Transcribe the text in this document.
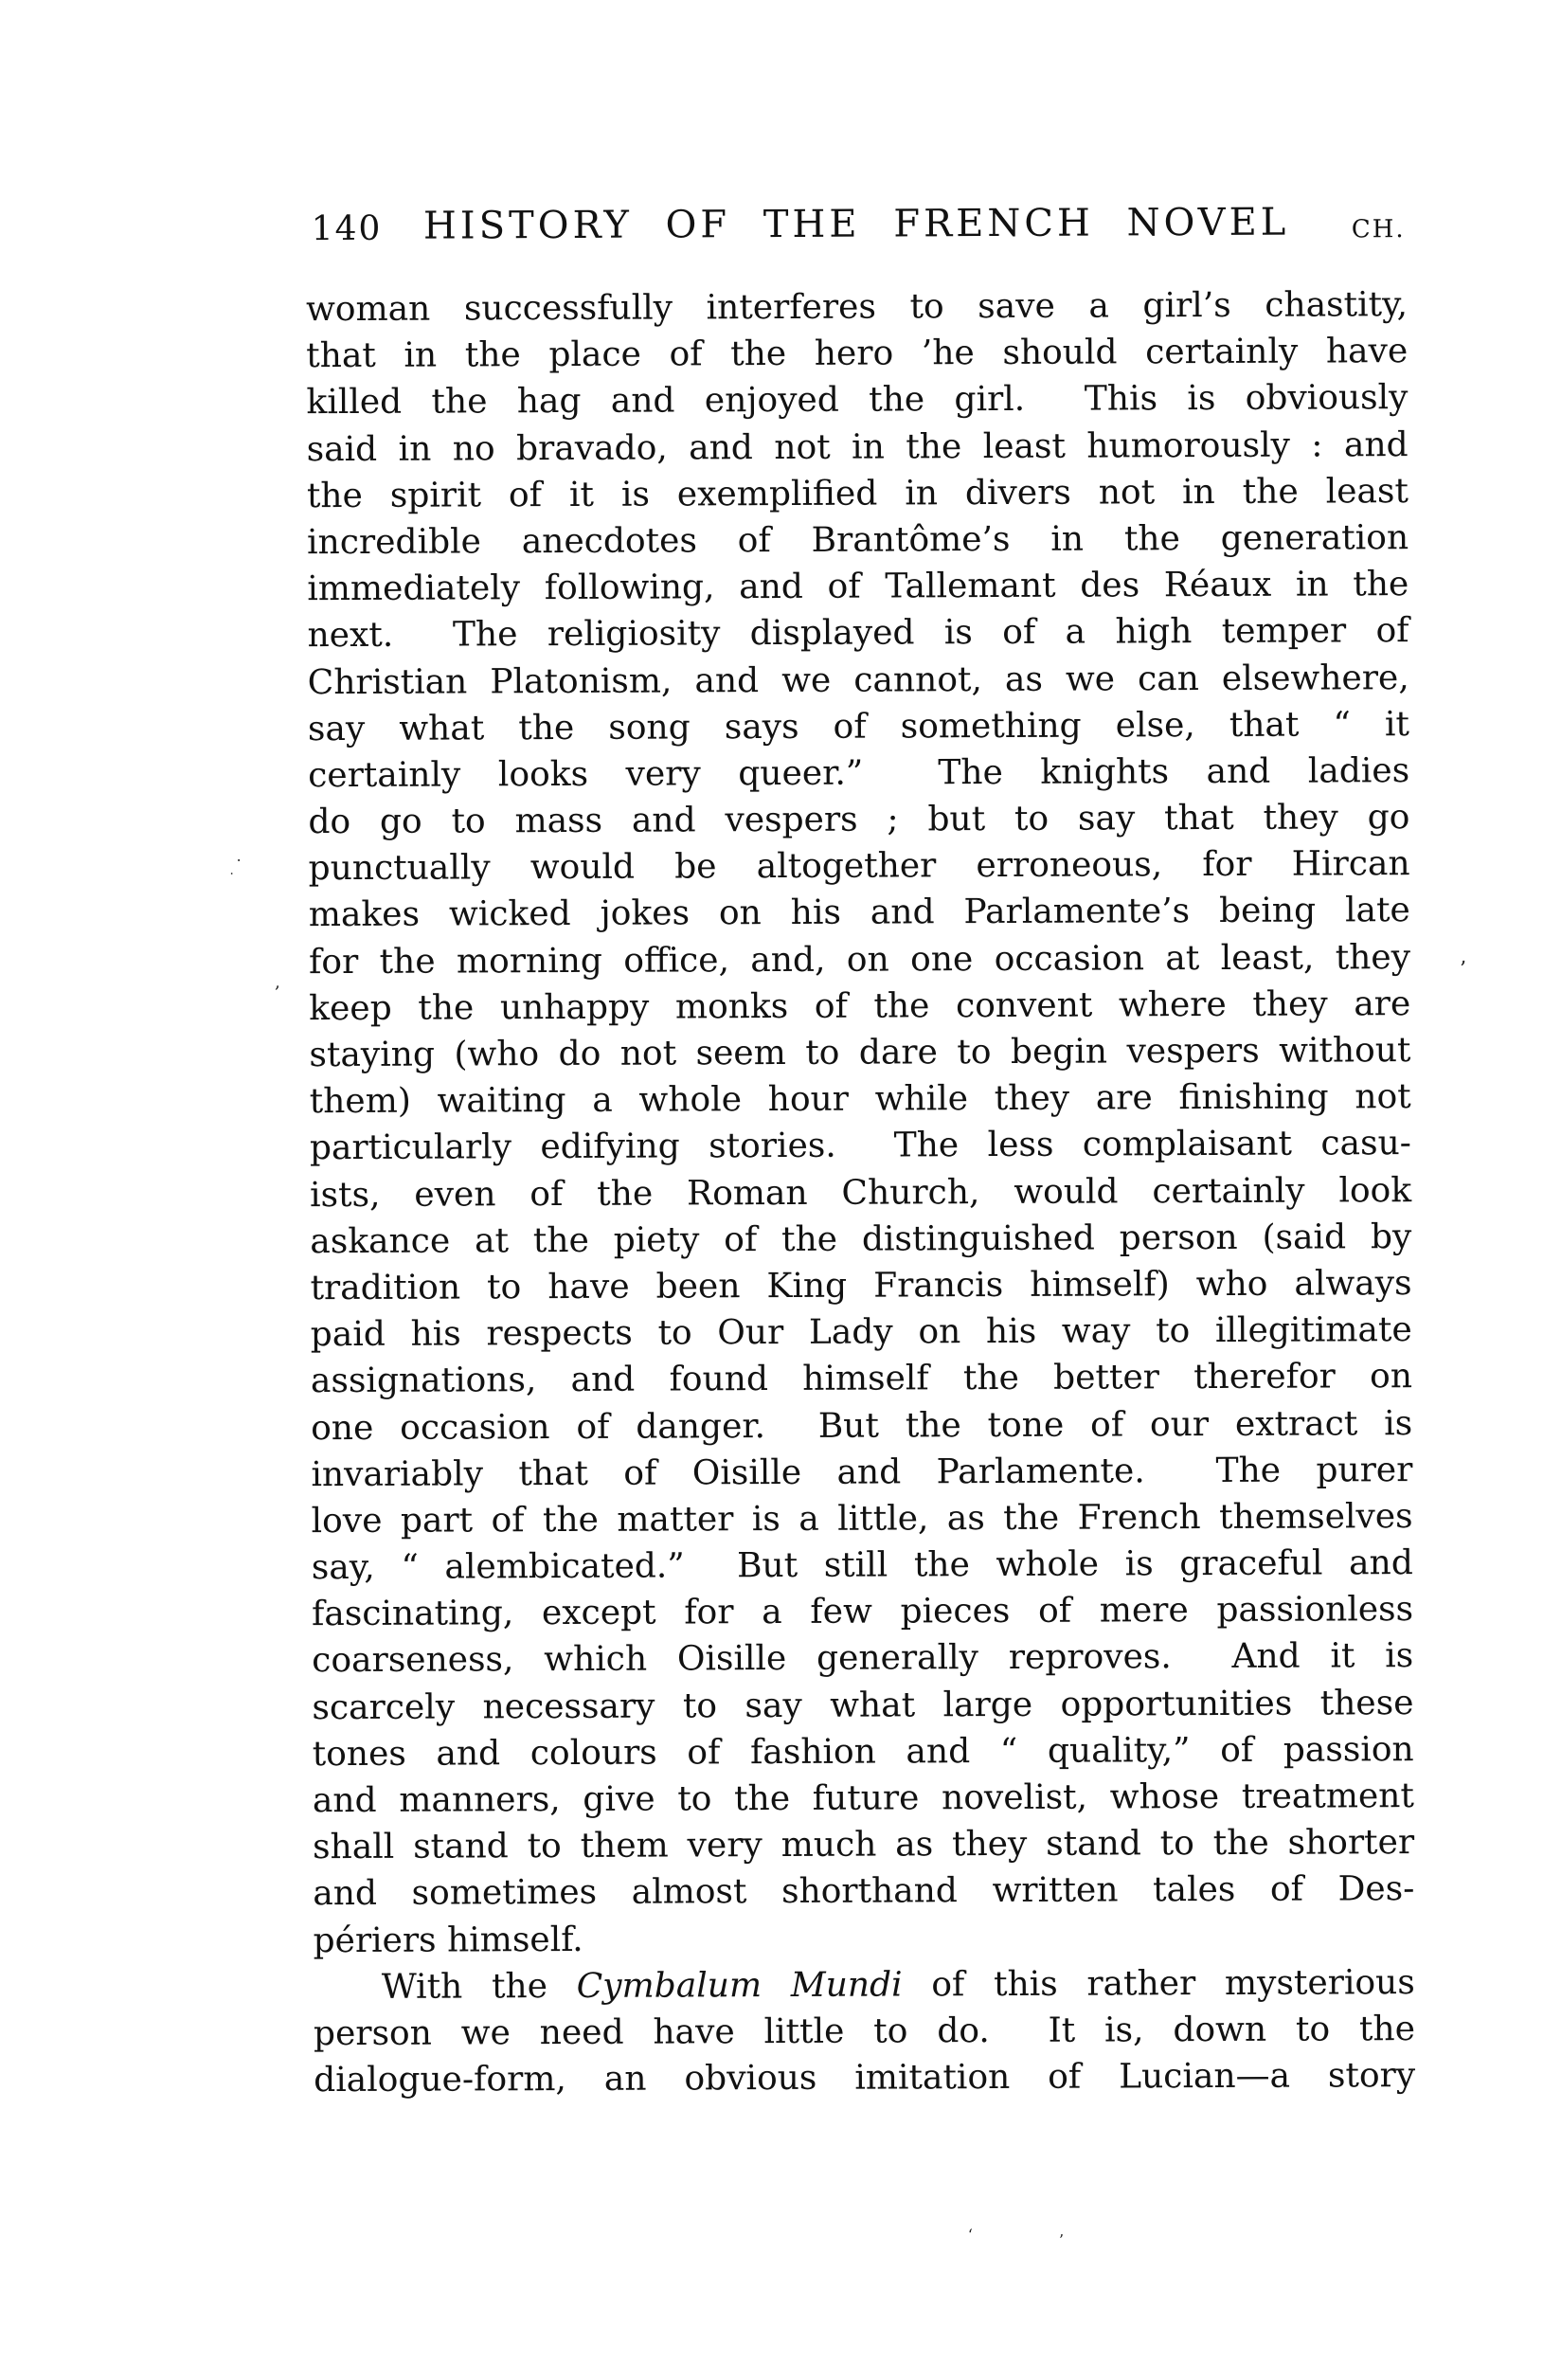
140 HISTORY OF THE FRENCH NOVEL	CH.
woman successfully interferes to save a girl’s chastity,
that in the place of the hero ’he should certainly have
killed the hag and enjoyed the girl.  This is obviously
said in no bravado, and not in the least humorously : and
the spirit of it is exemplified in divers not in the least
incredible anecdotes of Brantôme’s in the generation
immediately following, and of Tallemant des Réaux in the
next.  The religiosity displayed is of a high temper of
Christian Platonism, and we cannot, as we can elsewhere,
say what the song says of something else, that “ it
certainly looks very queer.”  The knights and ladies
do go to mass and vespers ; but to say that they go
punctually would be altogether erroneous, for Hircan
makes wicked jokes on his and Parlamente’s being late
for the morning office, and, on one occasion at least, they
keep the unhappy monks of the convent where they are
staying (who do not seem to dare to begin vespers without
them) waiting a whole hour while they are finishing not
particularly edifying stories.  The less complaisant casu-
ists, even of the Roman Church, would certainly look
askance at the piety of the distinguished person (said by
tradition to have been King Francis himself) who always
paid his respects to Our Lady on his way to illegitimate
assignations, and found himself the better therefor on
one occasion of danger.  But the tone of our extract is
invariably that of Oisille and Parlamente.  The purer
love part of the matter is a little, as the French themselves
say, “ alembicated.”  But still the whole is graceful and
fascinating, except for a few pieces of mere passionless
coarseness, which Oisille generally reproves.  And it is
scarcely necessary to say what large opportunities these
tones and colours of fashion and “ quality,” of passion
and manners, give to the future novelist, whose treatment
shall stand to them very much as they stand to the shorter
and sometimes almost shorthand written tales of Des-
périers himself.
With the Cymbalum Mundi of this rather mysterious
person we need have little to do.  It is, down to the
dialogue-form, an obvious imitation of Lucian—a story
·
·
,
’
‘	’
